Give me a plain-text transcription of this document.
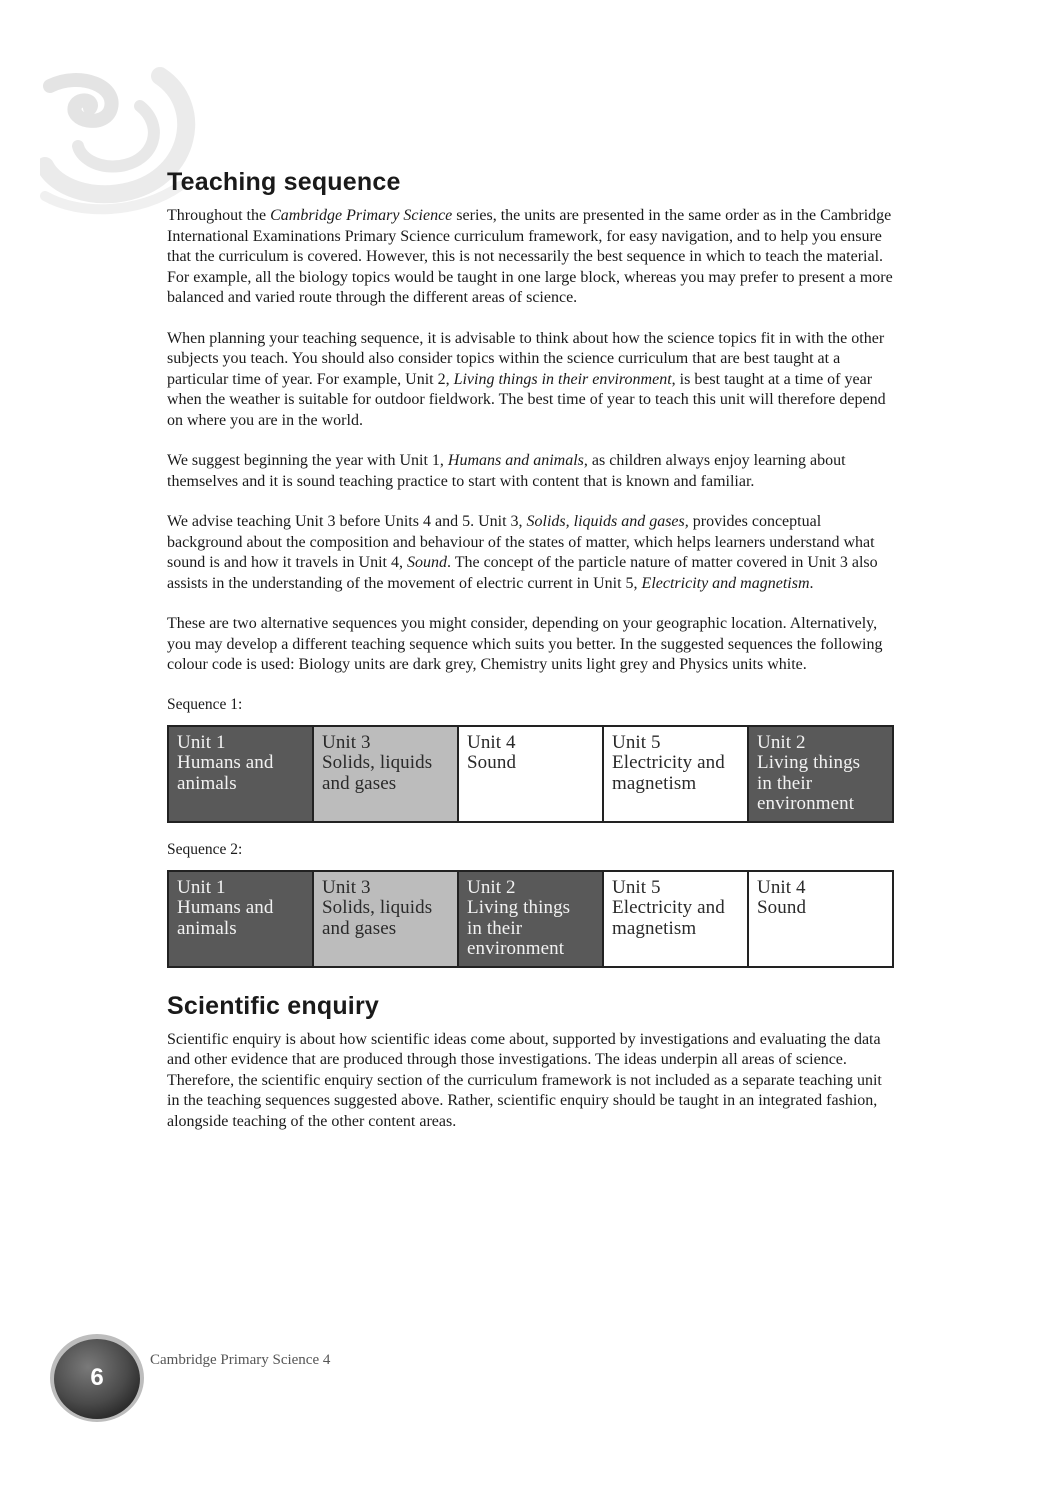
Teaching sequence

Throughout the Cambridge Primary Science series, the units are presented in the same order as in the Cambridge International Examinations Primary Science curriculum framework, for easy navigation, and to help you ensure that the curriculum is covered. However, this is not necessarily the best sequence in which to teach the material. For example, all the biology topics would be taught in one large block, whereas you may prefer to present a more balanced and varied route through the different areas of science.

When planning your teaching sequence, it is advisable to think about how the science topics fit in with the other subjects you teach. You should also consider topics within the science curriculum that are best taught at a particular time of year. For example, Unit 2, Living things in their environment, is best taught at a time of year when the weather is suitable for outdoor fieldwork. The best time of year to teach this unit will therefore depend on where you are in the world.

We suggest beginning the year with Unit 1, Humans and animals, as children always enjoy learning about themselves and it is sound teaching practice to start with content that is known and familiar.

We advise teaching Unit 3 before Units 4 and 5. Unit 3, Solids, liquids and gases, provides conceptual background about the composition and behaviour of the states of matter, which helps learners understand what sound is and how it travels in Unit 4, Sound. The concept of the particle nature of matter covered in Unit 3 also assists in the understanding of the movement of electric current in Unit 5, Electricity and magnetism.

These are two alternative sequences you might consider, depending on your geographic location. Alternatively, you may develop a different teaching sequence which suits you better. In the suggested sequences the following colour code is used: Biology units are dark grey, Chemistry units light grey and Physics units white.

Sequence 1:
Unit 1
Humans and
animals

Unit 3
Solids, liquids
and gases

Unit 4
Sound

Unit 5
Electricity and
magnetism

Unit 2
Living things
in their
environment
Sequence 2:
Unit 1
Humans and
animals

Unit 3
Solids, liquids
and gases

Unit 2
Living things
in their
environment

Unit 5
Electricity and
magnetism

Unit 4
Sound
Scientific enquiry

Scientific enquiry is about how scientific ideas come about, supported by investigations and evaluating the data and other evidence that are produced through those investigations. The ideas underpin all areas of science. Therefore, the scientific enquiry section of the curriculum framework is not included as a separate teaching unit in the teaching sequences suggested above. Rather, scientific enquiry should be taught in an integrated fashion, alongside teaching of the other content areas.

6
Cambridge Primary Science 4
